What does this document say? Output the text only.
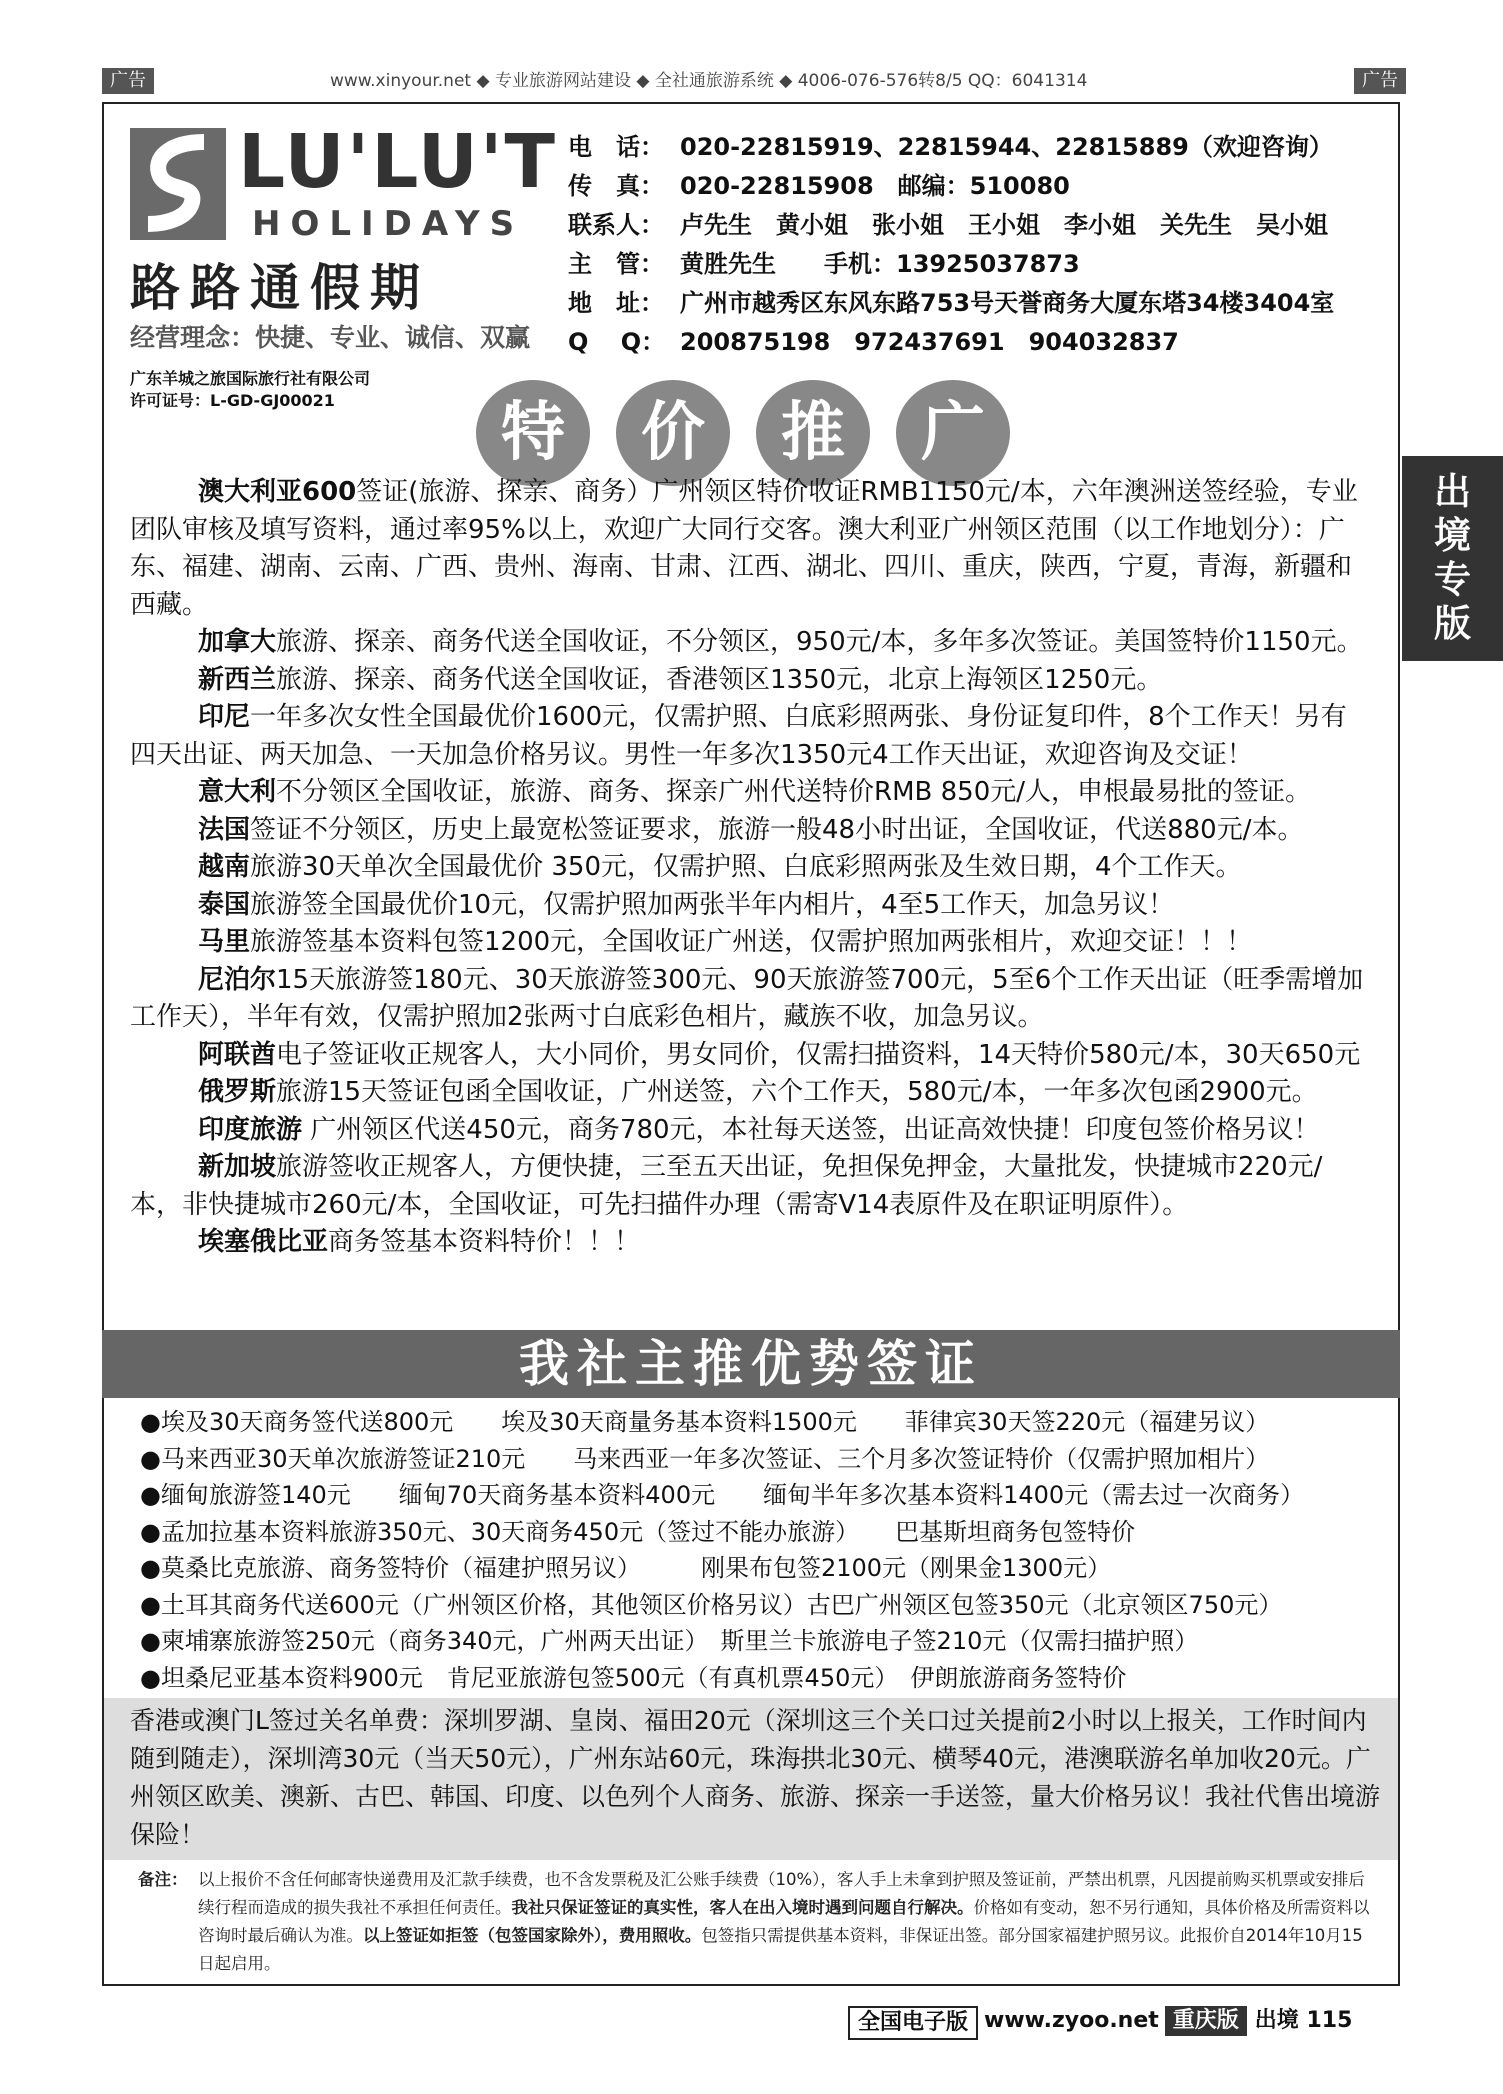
广告	www.xinyour.net ◆ 专业旅游网站建设 ◆ 全社通旅游系统 ◆ 4006-076-576转8/5 QQ：6041314	广告
LU'LU'T
HOLIDAYS
路路通假期
经营理念：快捷、专业、诚信、双赢
广东羊城之旅国际旅行社有限公司
许可证号：L-GD-GJ00021
电　话： 020-22815919、22815944、22815889（欢迎咨询）
传　真： 020-22815908　邮编：510080
联系人： 卢先生　黄小姐　张小姐　王小姐　李小姐　关先生　吴小姐
主　管： 黄胜先生　　手机：13925037873
地　址： 广州市越秀区东风东路753号天誉商务大厦东塔34楼3404室
Q　 Q： 200875198　972437691　904032837
特	价	推	广
出
境
专
版

澳大利亚600签证(旅游、探亲、商务）广州领区特价收证RMB1150元/本，六年澳洲送签经验，专业团队审核及填写资料，通过率95%以上，欢迎广大同行交客。澳大利亚广州领区范围（以工作地划分）：广东、福建、湖南、云南、广西、贵州、海南、甘肃、江西、湖北、四川、重庆，陕西，宁夏，青海，新疆和西藏。

加拿大旅游、探亲、商务代送全国收证，不分领区，950元/本，多年多次签证。美国签特价1150元。

新西兰旅游、探亲、商务代送全国收证，香港领区1350元，北京上海领区1250元。

印尼一年多次女性全国最优价1600元，仅需护照、白底彩照两张、身份证复印件，8个工作天！另有四天出证、两天加急、一天加急价格另议。男性一年多次1350元4工作天出证，欢迎咨询及交证！

意大利不分领区全国收证，旅游、商务、探亲广州代送特价RMB 850元/人，申根最易批的签证。

法国签证不分领区，历史上最宽松签证要求，旅游一般48小时出证，全国收证，代送880元/本。

越南旅游30天单次全国最优价 350元，仅需护照、白底彩照两张及生效日期，4个工作天。

泰国旅游签全国最优价10元，仅需护照加两张半年内相片，4至5工作天，加急另议！

马里旅游签基本资料包签1200元，全国收证广州送，仅需护照加两张相片，欢迎交证！！！

尼泊尔15天旅游签180元、30天旅游签300元、90天旅游签700元，5至6个工作天出证（旺季需增加工作天），半年有效，仅需护照加2张两寸白底彩色相片，藏族不收，加急另议。

阿联酋电子签证收正规客人，大小同价，男女同价，仅需扫描资料，14天特价580元/本，30天650元

俄罗斯旅游15天签证包函全国收证，广州送签，六个工作天，580元/本，一年多次包函2900元。

印度旅游 广州领区代送450元，商务780元，本社每天送签，出证高效快捷！印度包签价格另议！

新加坡旅游签收正规客人，方便快捷，三至五天出证，免担保免押金，大量批发，快捷城市220元/本，非快捷城市260元/本，全国收证，可先扫描件办理（需寄V14表原件及在职证明原件）。

埃塞俄比亚商务签基本资料特价！！！

我社主推优势签证
●埃及30天商务签代送800元　　埃及30天商量务基本资料1500元　　菲律宾30天签220元（福建另议）
●马来西亚30天单次旅游签证210元　　马来西亚一年多次签证、三个月多次签证特价（仅需护照加相片）
●缅甸旅游签140元　　缅甸70天商务基本资料400元　　缅甸半年多次基本资料1400元（需去过一次商务）
●孟加拉基本资料旅游350元、30天商务450元（签过不能办旅游）　　巴基斯坦商务包签特价
●莫桑比克旅游、商务签特价（福建护照另议）　　　刚果布包签2100元（刚果金1300元）
●土耳其商务代送600元（广州领区价格，其他领区价格另议）古巴广州领区包签350元（北京领区750元）
●柬埔寨旅游签250元（商务340元，广州两天出证）　斯里兰卡旅游电子签210元（仅需扫描护照）
●坦桑尼亚基本资料900元　肯尼亚旅游包签500元（有真机票450元）　伊朗旅游商务签特价
香港或澳门L签过关名单费：深圳罗湖、皇岗、福田20元（深圳这三个关口过关提前2小时以上报关，工作时间内随到随走），深圳湾30元（当天50元），广州东站60元，珠海拱北30元、横琴40元，港澳联游名单加收20元。广州领区欧美、澳新、古巴、韩国、印度、以色列个人商务、旅游、探亲一手送签，量大价格另议！我社代售出境游保险！
备注： 以上报价不含任何邮寄快递费用及汇款手续费，也不含发票税及汇公账手续费（10%），客人手上未拿到护照及签证前，严禁出机票，凡因提前购买机票或安排后续行程而造成的损失我社不承担任何责任。我社只保证签证的真实性，客人在出入境时遇到问题自行解决。价格如有变动，恕不另行通知，具体价格及所需资料以咨询时最后确认为准。以上签证如拒签（包签国家除外），费用照收。包签指只需提供基本资料，非保证出签。部分国家福建护照另议。此报价自2014年10月15日起启用。
全国电子版 www.zyoo.net 重庆版 出境 115
